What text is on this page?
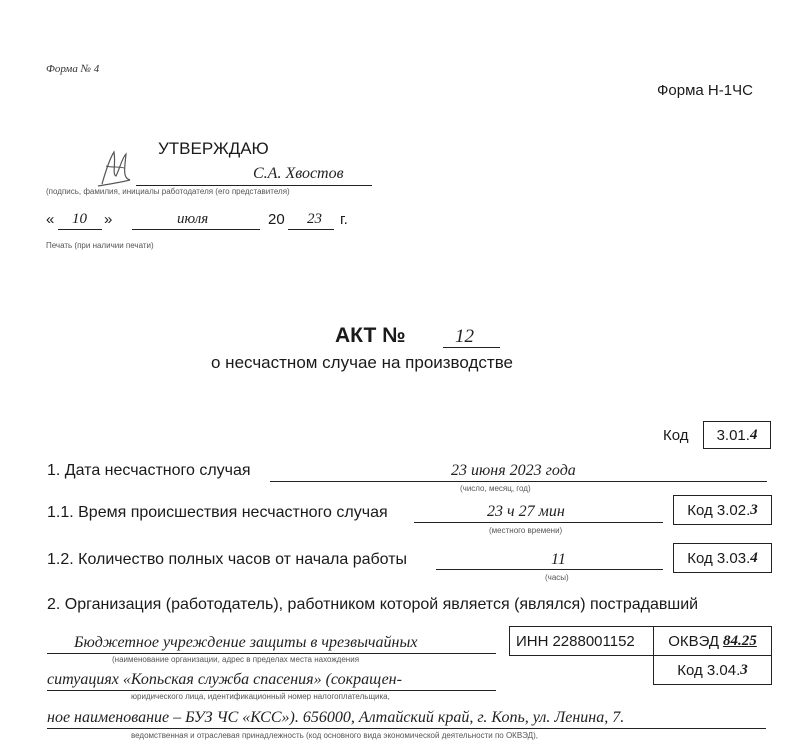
Форма № 4
Форма Н-1ЧС
УТВЕРЖДАЮ
С.А. Хвостов
(подпись, фамилия, инициалы работодателя (его представителя)
« 10 »	июля	20 23 г.
Печать (при наличии печати)
АКТ №	12
о несчастном случае на производстве
Код 3.01. 4
1. Дата несчастного случая	23 июня 2023 года
(число, месяц, год)
1.1. Время происшествия несчастного случая	23 ч 27 мин
(местного времени)
Код 3.02. 3
1.2. Количество полных часов от начала работы	11
(часы)
Код 3.03. 4
2. Организация (работодатель), работником которой является (являлся) пострадавший
Бюджетное учреждение защиты в чрезвычайных
(наименование организации, адрес в пределах места нахождения
ситуациях «Копьская служба спасения» (сокращен-
юридического лица, идентификационный номер налогоплательщика,
ное наименование – БУЗ ЧС «КСС»). 656000, Алтайский край, г. Копь, ул. Ленина, 7.
ведомственная и отраслевая принадлежность (код основного вида экономической деятельности по ОКВЭД),
ИНН 2288001152 ОКВЭД 84.25
Код 3.04. 3
